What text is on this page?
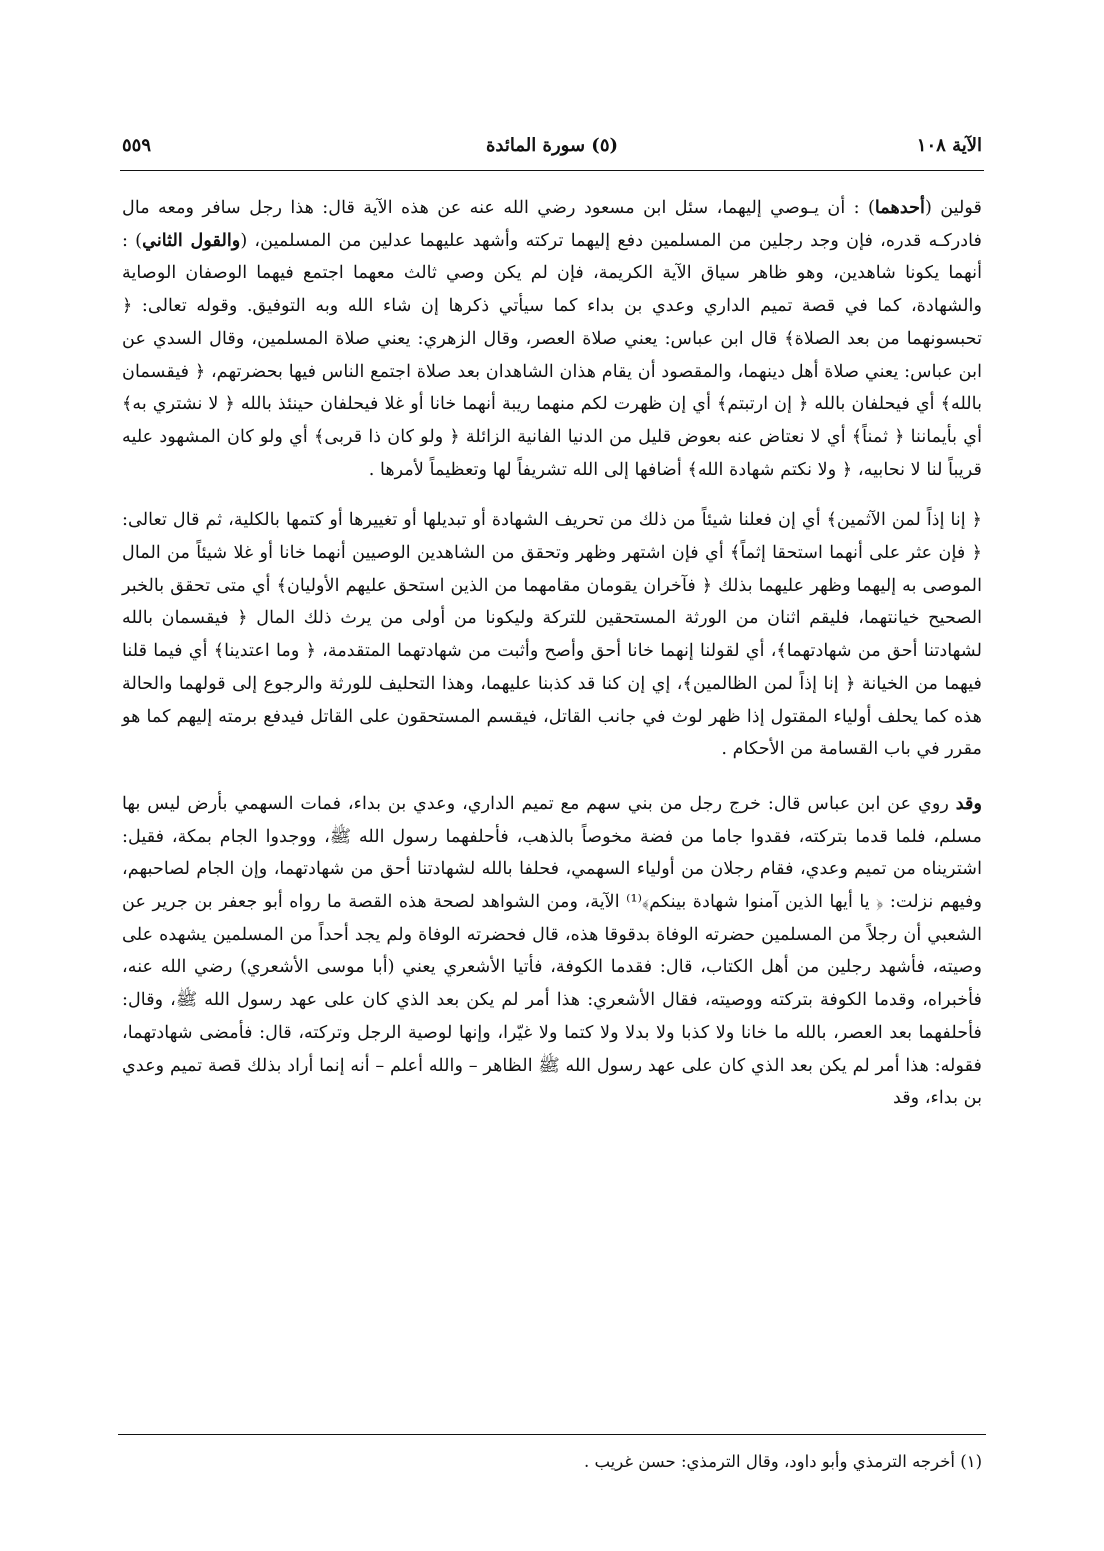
الآية ١٠٨
(٥) سورة المائدة
٥٥٩

قولين (أحدهما) : أن يـوصي إليهما، سئل ابن مسعود رضي الله عنه عن هذه الآية قال: هذا رجل سافر ومعه مال فادركـه قدره، فإن وجد رجلين من المسلمين دفع إليهما تركته وأشهد عليهما عدلين من المسلمين، (والقول الثاني) : أنهما يكونا شاهدين، وهو ظاهر سياق الآية الكريمة، فإن لم يكن وصي ثالث معهما اجتمع فيهما الوصفان الوصاية والشهادة، كما في قصة تميم الداري وعدي بن بداء كما سيأتي ذكرها إن شاء الله وبه التوفيق. وقوله تعالى: ﴿ تحبسونهما من بعد الصلاة﴾ قال ابن عباس: يعني صلاة العصر، وقال الزهري: يعني صلاة المسلمين، وقال السدي عن ابن عباس: يعني صلاة أهل دينهما، والمقصود أن يقام هذان الشاهدان بعد صلاة اجتمع الناس فيها بحضرتهم، ﴿ فيقسمان بالله﴾ أي فيحلفان بالله ﴿ إن ارتبتم﴾ أي إن ظهرت لكم منهما ريبة أنهما خانا أو غلا فيحلفان حينئذ بالله ﴿ لا نشتري به﴾ أي بأيماننا ﴿ ثمناً﴾ أي لا نعتاض عنه بعوض قليل من الدنيا الفانية الزائلة ﴿ ولو كان ذا قربى﴾ أي ولو كان المشهود عليه قريباً لنا لا نحابيه، ﴿ ولا نكتم شهادة الله﴾ أضافها إلى الله تشريفاً لها وتعظيماً لأمرها .

﴿ إنا إذاً لمن الآثمين﴾ أي إن فعلنا شيئاً من ذلك من تحريف الشهادة أو تبديلها أو تغييرها أو كتمها بالكلية، ثم قال تعالى: ﴿ فإن عثر على أنهما استحقا إثماً﴾ أي فإن اشتهر وظهر وتحقق من الشاهدين الوصيين أنهما خانا أو غلا شيئاً من المال الموصى به إليهما وظهر عليهما بذلك ﴿ فآخران يقومان مقامهما من الذين استحق عليهم الأوليان﴾ أي متى تحقق بالخبر الصحيح خيانتهما، فليقم اثنان من الورثة المستحقين للتركة وليكونا من أولى من يرث ذلك المال ﴿ فيقسمان بالله لشهادتنا أحق من شهادتهما﴾، أي لقولنا إنهما خانا أحق وأصح وأثبت من شهادتهما المتقدمة، ﴿ وما اعتدينا﴾ أي فيما قلنا فيهما من الخيانة ﴿ إنا إذاً لمن الظالمين﴾، إي إن كنا قد كذبنا عليهما، وهذا التحليف للورثة والرجوع إلى قولهما والحالة هذه كما يحلف أولياء المقتول إذا ظهر لوث في جانب القاتل، فيقسم المستحقون على القاتل فيدفع برمته إليهم كما هو مقرر في باب القسامة من الأحكام .

وقد روي عن ابن عباس قال: خرج رجل من بني سهم مع تميم الداري، وعدي بن بداء، فمات السهمي بأرض ليس بها مسلم، فلما قدما بتركته، فقدوا جاما من فضة مخوصاً بالذهب، فأحلفهما رسول الله ﷺ، ووجدوا الجام بمكة، فقيل: اشتريناه من تميم وعدي، فقام رجلان من أولياء السهمي، فحلفا بالله لشهادتنا أحق من شهادتهما، وإن الجام لصاحبهم، وفيهم نزلت: ﴿ يا أيها الذين آمنوا شهادة بينكم﴾⁽¹⁾ الآية، ومن الشواهد لصحة هذه القصة ما رواه أبو جعفر بن جرير عن الشعبي أن رجلاً من المسلمين حضرته الوفاة بدقوقا هذه، قال فحضرته الوفاة ولم يجد أحداً من المسلمين يشهده على وصيته، فأشهد رجلين من أهل الكتاب، قال: فقدما الكوفة، فأتيا الأشعري يعني (أبا موسى الأشعري) رضي الله عنه، فأخبراه، وقدما الكوفة بتركته ووصيته، فقال الأشعري: هذا أمر لم يكن بعد الذي كان على عهد رسول الله ﷺ، وقال: فأحلفهما بعد العصر، بالله ما خانا ولا كذبا ولا بدلا ولا كتما ولا غيّرا، وإنها لوصية الرجل وتركته، قال: فأمضى شهادتهما، فقوله: هذا أمر لم يكن بعد الذي كان على عهد رسول الله ﷺ الظاهر – والله أعلم – أنه إنما أراد بذلك قصة تميم وعدي بن بداء، وقد

(١) أخرجه الترمذي وأبو داود، وقال الترمذي: حسن غريب .
